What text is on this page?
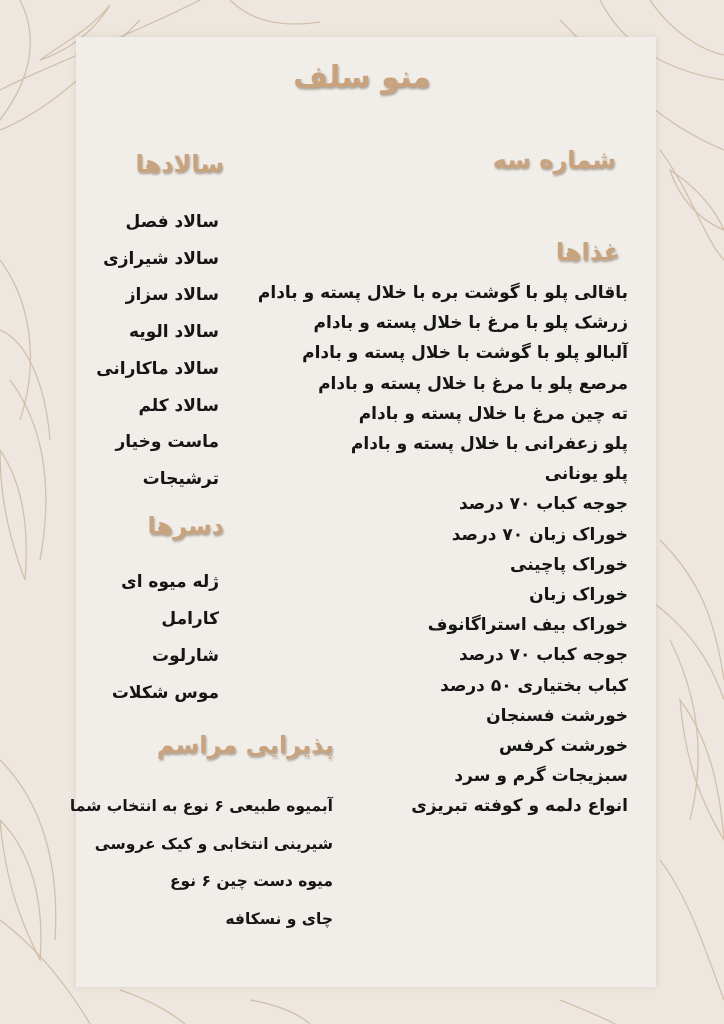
منو سلف
شماره سه
غذاها
باقالی پلو با گوشت بره با خلال پسته و بادام
زرشک پلو با مرغ با خلال پسته و بادام
آلبالو پلو با گوشت با خلال پسته و بادام
مرصع پلو با مرغ با خلال پسته و بادام
ته چین مرغ با خلال پسته و بادام
پلو زعفرانی با خلال پسته و بادام
پلو یونانی
جوجه کباب ۷۰ درصد
خوراک زبان ۷۰ درصد
خوراک پاچینی
خوراک زبان
خوراک بیف استراگانوف
جوجه کباب ۷۰ درصد
کباب بختیاری ۵۰ درصد
خورشت فسنجان
خورشت کرفس
سبزیجات گرم و سرد
انواع دلمه و کوفته تبریزی
سالادها
سالاد فصل
سالاد شیرازی
سالاد سزاز
سالاد الویه
سالاد ماکارانی
سالاد کلم
ماست وخیار
ترشیجات
دسرها
ژله میوه ای
کارامل
شارلوت
موس شکلات
پذیرایی مراسم
آبمیوه طبیعی ۶ نوع به انتخاب شما
شیرینی انتخابی و کیک عروسی
میوه دست چین ۶ نوع
چای و نسکافه
